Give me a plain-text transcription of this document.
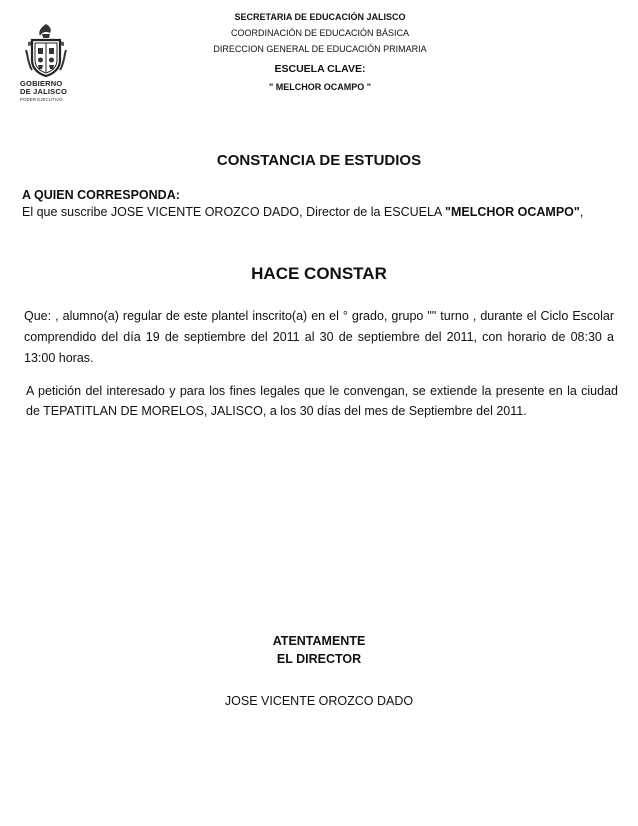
GOBIERNO
DE JALISCO
PODER EJECUTIVO
SECRETARIA DE EDUCACIÓN JALISCO
COORDINACIÓN DE EDUCACIÓN BÁSICA
DIRECCION GENERAL DE EDUCACIÓN PRIMARIA
ESCUELA CLAVE:
" MELCHOR OCAMPO "
CONSTANCIA DE ESTUDIOS
A QUIEN CORRESPONDA:
El que suscribe JOSE VICENTE OROZCO DADO, Director de la ESCUELA "MELCHOR OCAMPO",
HACE CONSTAR
Que: , alumno(a) regular de este plantel inscrito(a) en el ° grado, grupo "" turno , durante el Ciclo Escolar comprendido del día 19 de septiembre del 2011 al 30 de septiembre del 2011, con horario de 08:30 a 13:00 horas.
A petición del interesado y para los fines legales que le convengan, se extiende la presente en la ciudad de TEPATITLAN DE MORELOS, JALISCO, a los 30 días del mes de Septiembre del 2011.
ATENTAMENTE
EL DIRECTOR
JOSE VICENTE OROZCO DADO
